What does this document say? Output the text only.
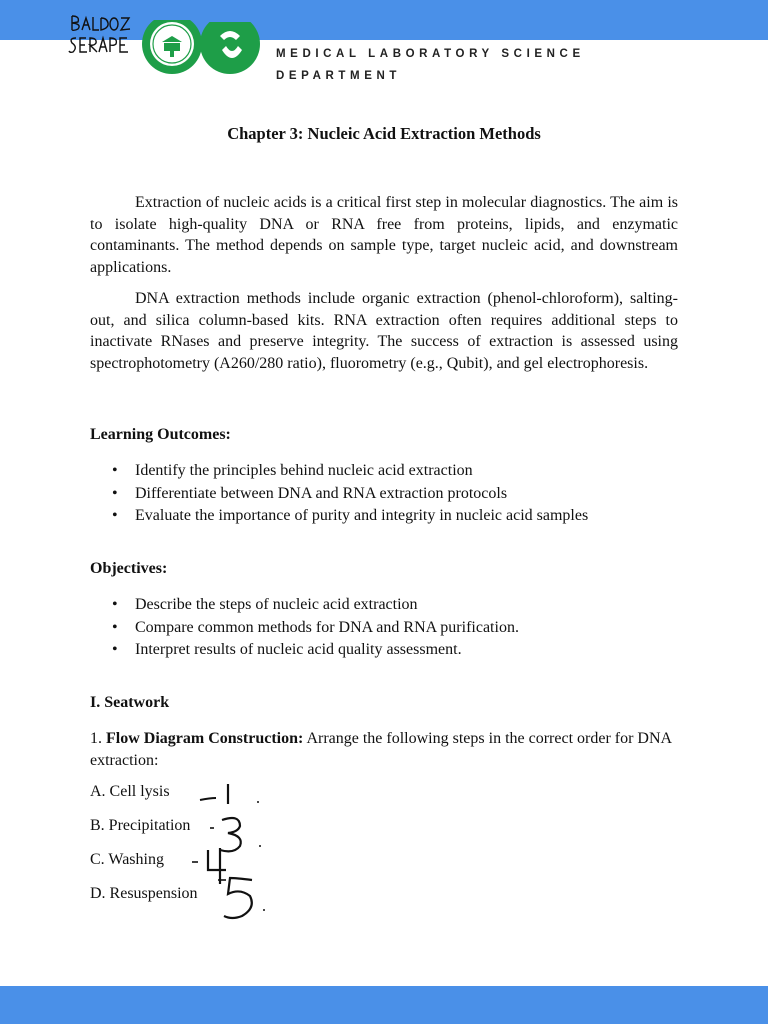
MEDICAL LABORATORY SCIENCE
DEPARTMENT
Chapter 3: Nucleic Acid Extraction Methods

Extraction of nucleic acids is a critical first step in molecular diagnostics. The aim is to isolate high-quality DNA or RNA free from proteins, lipids, and enzymatic contaminants. The method depends on sample type, target nucleic acid, and downstream applications.

DNA extraction methods include organic extraction (phenol-chloroform), salting-out, and silica column-based kits. RNA extraction often requires additional steps to inactivate RNases and preserve integrity. The success of extraction is assessed using spectrophotometry (A260/280 ratio), fluorometry (e.g., Qubit), and gel electrophoresis.

Learning Outcomes:
• Identify the principles behind nucleic acid extraction
• Differentiate between DNA and RNA extraction protocols
• Evaluate the importance of purity and integrity in nucleic acid samples
Objectives:
• Describe the steps of nucleic acid extraction
• Compare common methods for DNA and RNA purification.
• Interpret results of nucleic acid quality assessment.
I. Seatwork

1. Flow Diagram Construction: Arrange the following steps in the correct order for DNA extraction:

A. Cell lysis
B. Precipitation
C. Washing
D. Resuspension
